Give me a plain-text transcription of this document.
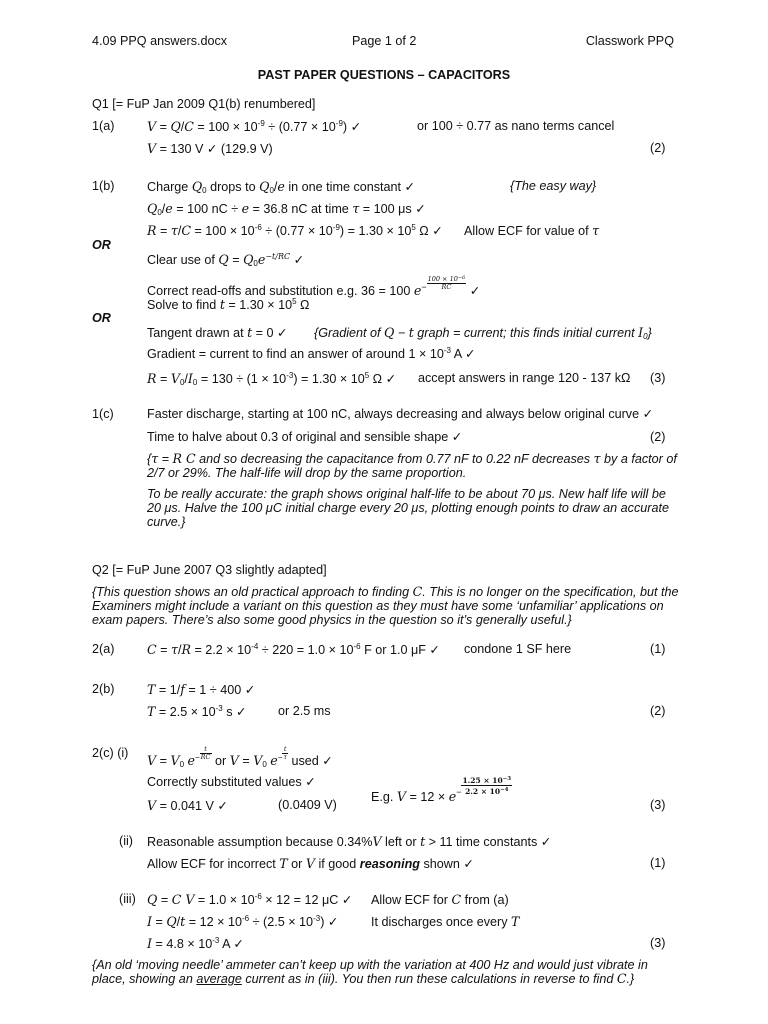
4.09 PPQ answers.docx	Page 1 of 2	Classwork PPQ
PAST PAPER QUESTIONS – CAPACITORS
Q1 [= FuP Jan 2009 Q1(b) renumbered]
1(a)	$V = Q/C = 100 \times 10^{-9} \div (0.77 \times 10^{-9})$ ✓	or 100 ÷ 0.77 as nano terms cancel
V = 130 V ✓ (129.9 V)	(2)
1(b)	Charge $Q_0$ drops to $Q_0/e$ in one time constant ✓	{The easy way}
$Q_0/e = 100$ nC ÷ e = 36.8 nC at time τ = 100 μs ✓
$R = \tau/C = 100 \times 10^{-6} \div (0.77 \times 10^{-9}) = 1.30 \times 10^5$ Ω ✓ Allow ECF for value of τ
OR
Clear use of $Q = Q_0e^{-t/RC}$ ✓
Correct read-offs and substitution e.g. 36 = 100 $e^- \frac{100 \times 10^{-6}}{RC}$ ✓
Solve to find $t = 1.30 \times 10^5$ Ω
OR
Tangent drawn at t = 0 ✓ {Gradient of Q − t graph = current; this finds initial current $I_0$}
Gradient = current to find an answer of around $1 \times 10^{-3}$ A ✓
$R = V_0/I_0 = 130 \div (1 \times 10^{-3}) = 1.30 \times 10^5$ Ω ✓ accept answers in range 120 - 137 kΩ (3)
1(c)	Faster discharge, starting at 100 nC, always decreasing and always below original curve ✓
Time to halve about 0.3 of original and sensible shape ✓	(2)
{τ = R C and so decreasing the capacitance from 0.77 nF to 0.22 nF decreases τ by a factor of 2/7 or 29%. The half-life will drop by the same proportion.
To be really accurate: the graph shows original half-life to be about 70 μs. New half life will be 20 μs. Halve the 100 μC initial charge every 20 μs, plotting enough points to draw an accurate curve.}
Q2 [= FuP June 2007 Q3 slightly adapted]
{This question shows an old practical approach to finding C. This is no longer on the specification, but the Examiners might include a variant on this question as they must have some ‘unfamiliar’ applications on exam papers. There’s also some good physics in the question so it’s generally useful.}
2(a)	$C = \tau/R = 2.2 \times 10^{-4} \div 220 = 1.0 \times 10^{-6}$ F or 1.0 μF ✓ condone 1 SF here	(1)
2(b)	T = 1/f = 1 ÷ 400 ✓
$T = 2.5 \times 10^{-3}$ s ✓ or 2.5 ms	(2)
2(c) (i) $V = V_0$ $e^- \frac{t}{RC}$ or $V = V_0$ $e^- \frac{t}{\tau}$ used ✓
Correctly substituted values ✓
E.g. $V = 12 \times e^- \frac{1.25 \times 10^{-3}}{2.2 \times 10^{-4}}$
V = 0.041 V ✓	(0.0409 V)	(3)
(ii) Reasonable assumption because 0.34%V left or t > 11 time constants ✓
Allow ECF for incorrect T or V if good reasoning shown ✓	(1)
(iii) Q = C $V = 1.0 \times 10^{-6} \times 12 = 12$ μC ✓ Allow ECF for C from (a)
$I = Q/t = 12 \times 10^{-6} \div (2.5 \times 10^{-3})$ ✓	It discharges once every T
$I = 4.8 \times 10^{-3}$ A ✓	(3)
{An old ‘moving needle’ ammeter can’t keep up with the variation at 400 Hz and would just vibrate in place, showing an average current as in (iii). You then run these calculations in reverse to find C.}
